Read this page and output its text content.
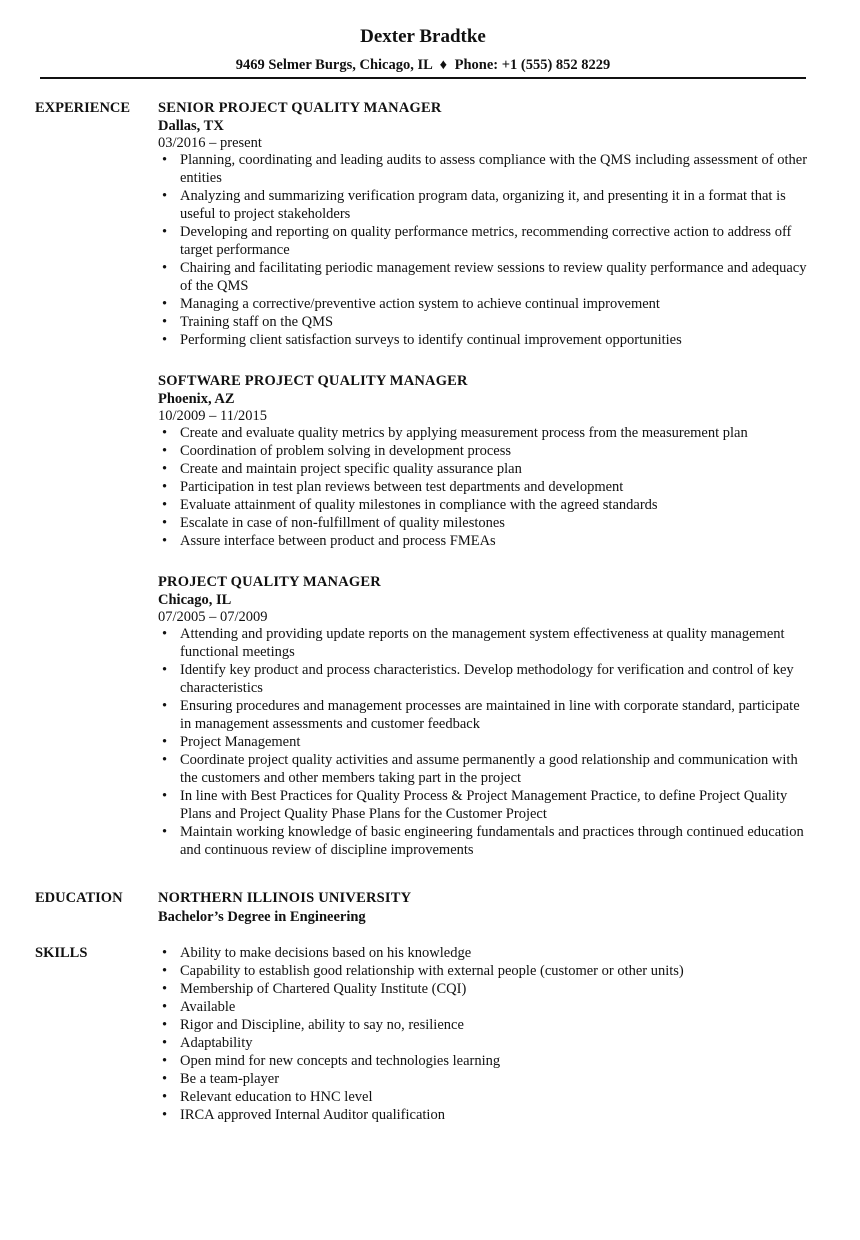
Dexter Bradtke
9469 Selmer Burgs, Chicago, IL ♦ Phone: +1 (555) 852 8229
EXPERIENCE SENIOR PROJECT QUALITY MANAGER
Dallas, TX
03/2016 – present
• Planning, coordinating and leading audits to assess compliance with the QMS including assessment of other entities
• Analyzing and summarizing verification program data, organizing it, and presenting it in a format that is useful to project stakeholders
• Developing and reporting on quality performance metrics, recommending corrective action to address off target performance
• Chairing and facilitating periodic management review sessions to review quality performance and adequacy of the QMS
• Managing a corrective/preventive action system to achieve continual improvement
• Training staff on the QMS
• Performing client satisfaction surveys to identify continual improvement opportunities
SOFTWARE PROJECT QUALITY MANAGER
Phoenix, AZ
10/2009 – 11/2015
• Create and evaluate quality metrics by applying measurement process from the measurement plan
• Coordination of problem solving in development process
• Create and maintain project specific quality assurance plan
• Participation in test plan reviews between test departments and development
• Evaluate attainment of quality milestones in compliance with the agreed standards
• Escalate in case of non-fulfillment of quality milestones
• Assure interface between product and process FMEAs
PROJECT QUALITY MANAGER
Chicago, IL
07/2005 – 07/2009
• Attending and providing update reports on the management system effectiveness at quality management functional meetings
• Identify key product and process characteristics. Develop methodology for verification and control of key characteristics
• Ensuring procedures and management processes are maintained in line with corporate standard, participate in management assessments and customer feedback
• Project Management
• Coordinate project quality activities and assume permanently a good relationship and communication with the customers and other members taking part in the project
• In line with Best Practices for Quality Process & Project Management Practice, to define Project Quality Plans and Project Quality Phase Plans for the Customer Project
• Maintain working knowledge of basic engineering fundamentals and practices through continued education and continuous review of discipline improvements
EDUCATION NORTHERN ILLINOIS UNIVERSITY
Bachelor’s Degree in Engineering
SKILLS
•	Ability to make decisions based on his knowledge
• Capability to establish good relationship with external people (customer or other units)
• Membership of Chartered Quality Institute (CQI)
• Available
• Rigor and Discipline, ability to say no, resilience
• Adaptability
• Open mind for new concepts and technologies learning
• Be a team-player
• Relevant education to HNC level
• IRCA approved Internal Auditor qualification
